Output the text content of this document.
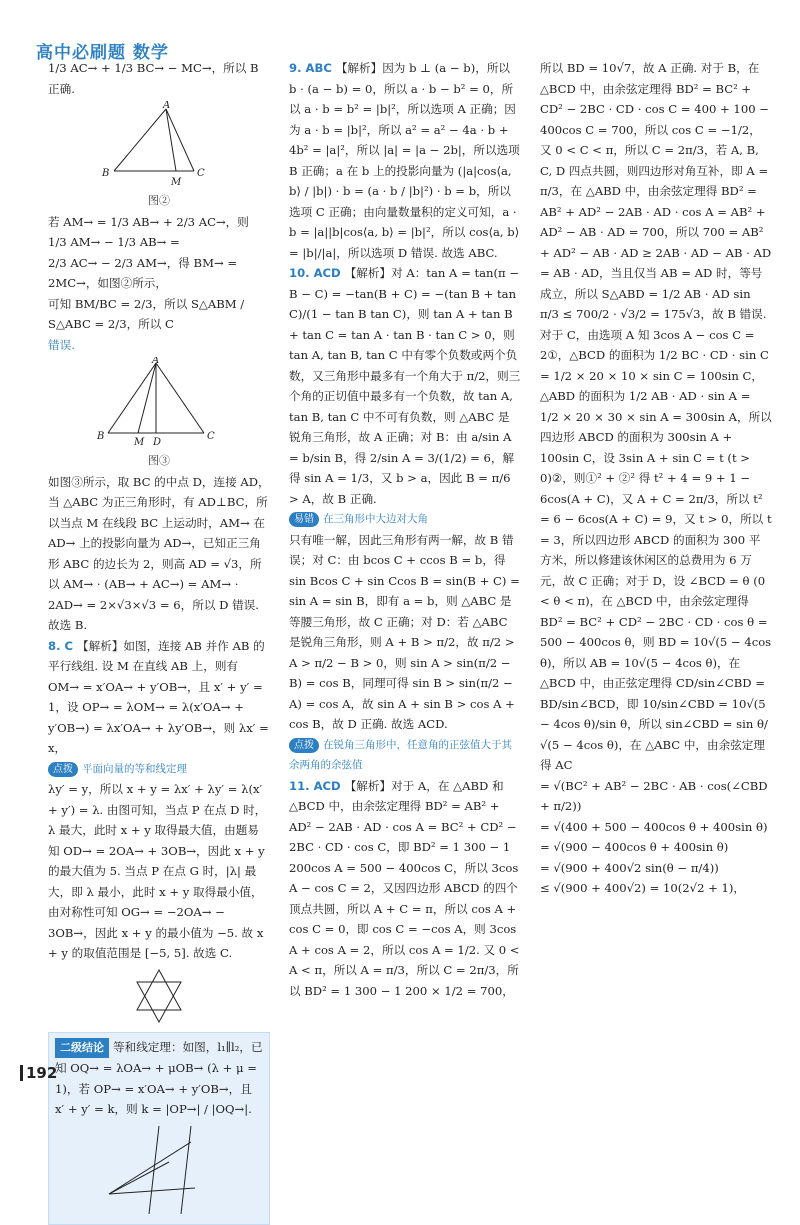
高中必刷题 数学

1/3 AC→ + 1/3 BC→ − MC→，所以 B 正确.

A
B
M
C

图②

若 AM→ = 1/3 AB→ + 2/3 AC→，则 1/3 AM→ − 1/3 AB→ =

2/3 AC→ − 2/3 AM→，得 BM→ = 2MC→，如图②所示，

可知 BM/BC = 2/3，所以 S△ABM / S△ABC = 2/3，所以 C

错误.

A
B
M D
C

图③

如图③所示，取 BC 的中点 D，连接 AD，当 △ABC 为正三角形时，有 AD⊥BC，所以当点 M 在线段 BC 上运动时，AM→ 在 AD→ 上的投影向量为 AD→，已知正三角形 ABC 的边长为 2，则高 AD = √3，所以 AM→ · (AB→ + AC→) = AM→ · 2AD→ = 2×√3×√3 = 6，所以 D 错误. 故选 B.

8. C 【解析】如图，连接 AB 并作 AB 的平行线组. 设 M 在直线 AB 上，则有 OM→ = x′OA→ + y′OB→，且 x′ + y′ = 1，设 OP→ = λOM→ = λ(x′OA→ + y′OB→) = λx′OA→ + λy′OB→，则 λx′ = x，

点拨 平面向量的等和线定理

λy′ = y，所以 x + y = λx′ + λy′ = λ(x′ + y′) = λ. 由图可知，当点 P 在点 D 时，λ 最大，此时 x + y 取得最大值，由题易知 OD→ = 2OA→ + 3OB→，因此 x + y 的最大值为 5. 当点 P 在点 G 时，|λ| 最大，即 λ 最小，此时 x + y 取得最小值，由对称性可知 OG→ = −2OA→ − 3OB→，因此 x + y 的最小值为 −5. 故 x + y 的取值范围是 [−5, 5]. 故选 C.

二级结论 等和线定理：如图，l₁∥l₂，已知 OQ→ = λOA→ + μOB→ (λ + μ = 1)，若 OP→ = x′OA→ + y′OB→，且 x′ + y′ = k，则 k = |OP→| / |OQ→|.

9. ABC 【解析】因为 b ⊥ (a − b)，所以 b · (a − b) = 0，所以 a · b − b² = 0，所以 a · b = b² = |b|²，所以选项 A 正确；因为 a · b = |b|²，所以 a² = a² − 4a · b + 4b² = |a|²，所以 |a| = |a − 2b|，所以选项 B 正确；a 在 b 上的投影向量为 (|a|cos⟨a, b⟩ / |b|) · b = (a · b / |b|²) · b = b，所以选项 C 正确；由向量数量积的定义可知，a · b = |a||b|cos⟨a, b⟩ = |b|²，所以 cos⟨a, b⟩ = |b|/|a|，所以选项 D 错误. 故选 ABC.

10. ACD 【解析】对 A：tan A = tan(π − B − C) = −tan(B + C) = −(tan B + tan C)/(1 − tan B tan C)，则 tan A + tan B + tan C = tan A · tan B · tan C > 0，则 tan A, tan B, tan C 中有零个负数或两个负数，又三角形中最多有一个角大于 π/2，则三个角的正切值中最多有一个负数，故 tan A, tan B, tan C 中不可有负数，则 △ABC 是锐角三角形，故 A 正确；对 B：由 a/sin A = b/sin B，得 2/sin A = 3/(1/2) = 6，解得 sin A = 1/3，又 b > a，因此 B = π/6 > A，故 B 正确.

易错 在三角形中大边对大角

只有唯一解，因此三角形有两一解，故 B 错误；对 C：由 bcos C + ccos B = b，得 sin Bcos C + sin Ccos B = sin(B + C) = sin A = sin B，即有 a = b，则 △ABC 是等腰三角形，故 C 正确；对 D：若 △ABC 是锐角三角形，则 A + B > π/2，故 π/2 > A > π/2 − B > 0，则 sin A > sin(π/2 − B) = cos B，同理可得 sin B > sin(π/2 − A) = cos A，故 sin A + sin B > cos A + cos B，故 D 正确. 故选 ACD.

点拨 在锐角三角形中，任意角的正弦值大于其余两角的余弦值

11. ACD 【解析】对于 A，在 △ABD 和 △BCD 中，由余弦定理得 BD² = AB² + AD² − 2AB · AD · cos A = BC² + CD² − 2BC · CD · cos C，即 BD² = 1 300 − 1 200cos A = 500 − 400cos C，所以 3cos A − cos C = 2，又因四边形 ABCD 的四个顶点共圆，所以 A + C = π，所以 cos A + cos C = 0，即 cos C = −cos A，则 3cos A + cos A = 2，所以 cos A = 1/2. 又 0 < A < π，所以 A = π/3，所以 C = 2π/3，所以 BD² = 1 300 − 1 200 × 1/2 = 700，

所以 BD = 10√7，故 A 正确. 对于 B，在 △BCD 中，由余弦定理得 BD² = BC² + CD² − 2BC · CD · cos C = 400 + 100 − 400cos C = 700，所以 cos C = −1/2，又 0 < C < π，所以 C = 2π/3，若 A, B, C, D 四点共圆，则四边形对角互补，即 A = π/3，在 △ABD 中，由余弦定理得 BD² = AB² + AD² − 2AB · AD · cos A = AB² + AD² − AB · AD = 700，所以 700 = AB² + AD² − AB · AD ≥ 2AB · AD − AB · AD = AB · AD，当且仅当 AB = AD 时，等号成立，所以 S△ABD = 1/2 AB · AD sin π/3 ≤ 700/2 · √3/2 = 175√3，故 B 错误. 对于 C，由选项 A 知 3cos A − cos C = 2①，△BCD 的面积为 1/2 BC · CD · sin C = 1/2 × 20 × 10 × sin C = 100sin C，△ABD 的面积为 1/2 AB · AD · sin A = 1/2 × 20 × 30 × sin A = 300sin A，所以四边形 ABCD 的面积为 300sin A + 100sin C，设 3sin A + sin C = t (t > 0)②，则①² + ②² 得 t² + 4 = 9 + 1 − 6cos(A + C)，又 A + C = 2π/3，所以 t² = 6 − 6cos(A + C) = 9，又 t > 0，所以 t = 3，所以四边形 ABCD 的面积为 300 平方米，所以修建该休闲区的总费用为 6 万元，故 C 正确；对于 D，设 ∠BCD = θ (0 < θ < π)，在 △BCD 中，由余弦定理得 BD² = BC² + CD² − 2BC · CD · cos θ = 500 − 400cos θ，则 BD = 10√(5 − 4cos θ)，所以 AB = 10√(5 − 4cos θ)，在 △BCD 中，由正弦定理得 CD/sin∠CBD = BD/sin∠BCD，即 10/sin∠CBD = 10√(5 − 4cos θ)/sin θ，所以 sin∠CBD = sin θ/√(5 − 4cos θ)，在 △ABC 中，由余弦定理得 AC

= √(BC² + AB² − 2BC · AB · cos(∠CBD + π/2))

= √(400 + 500 − 400cos θ + 400sin θ)

= √(900 − 400cos θ + 400sin θ)

= √(900 + 400√2 sin(θ − π/4))

≤ √(900 + 400√2) = 10(2√2 + 1)，

192
